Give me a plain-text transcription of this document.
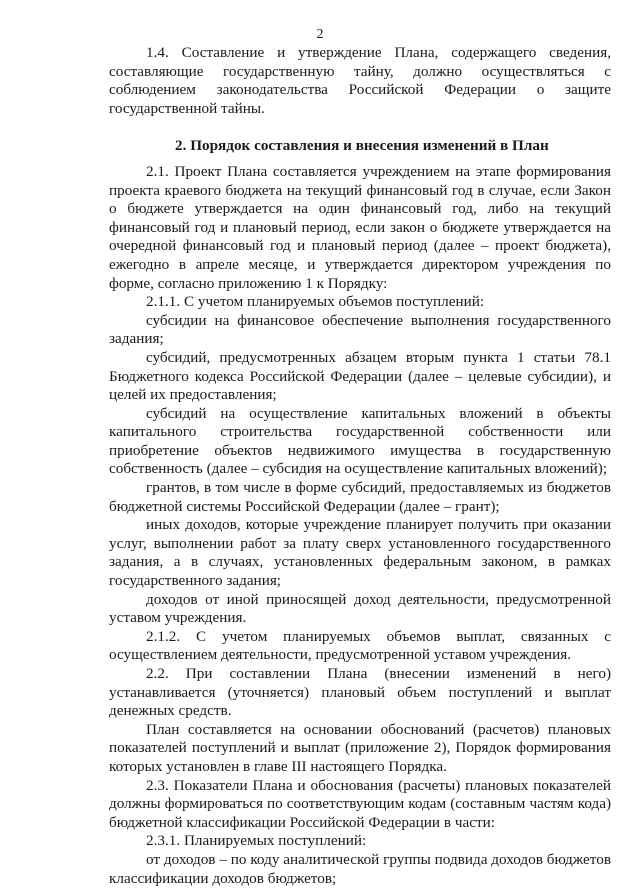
2

1.4. Составление и утверждение Плана, содержащего сведения, составляющие государственную тайну, должно осуществляться с соблюдением законодательства Российской Федерации о защите государственной тайны.

2. Порядок составления и внесения изменений в План

2.1. Проект Плана составляется учреждением на этапе формирования проекта краевого бюджета на текущий финансовый год в случае, если Закон о бюджете утверждается на один финансовый год, либо на текущий финансовый год и плановый период, если закон о бюджете утверждается на очередной финансовый год и плановый период (далее – проект бюджета), ежегодно в апреле месяце, и утверждается директором учреждения по форме, согласно приложению 1 к Порядку:

2.1.1. С учетом планируемых объемов поступлений:

субсидии на финансовое обеспечение выполнения государственного задания;

субсидий, предусмотренных абзацем вторым пункта 1 статьи 78.1 Бюджетного кодекса Российской Федерации (далее – целевые субсидии), и целей их предоставления;

субсидий на осуществление капитальных вложений в объекты капитального строительства государственной собственности или приобретение объектов недвижимого имущества в государственную собственность (далее – субсидия на осуществление капитальных вложений);

грантов, в том числе в форме субсидий, предоставляемых из бюджетов бюджетной системы Российской Федерации (далее – грант);

иных доходов, которые учреждение планирует получить при оказании услуг, выполнении работ за плату сверх установленного государственного задания, а в случаях, установленных федеральным законом, в рамках государственного задания;

доходов от иной приносящей доход деятельности, предусмотренной уставом учреждения.

2.1.2. С учетом планируемых объемов выплат, связанных с осуществлением деятельности, предусмотренной уставом учреждения.

2.2. При составлении Плана (внесении изменений в него) устанавливается (уточняется) плановый объем поступлений и выплат денежных средств.

План составляется на основании обоснований (расчетов) плановых показателей поступлений и выплат (приложение 2), Порядок формирования которых установлен в главе III настоящего Порядка.

2.3. Показатели Плана и обоснования (расчеты) плановых показателей должны формироваться по соответствующим кодам (составным частям кода) бюджетной классификации Российской Федерации в части:

2.3.1. Планируемых поступлений:

от доходов – по коду аналитической группы подвида доходов бюджетов классификации доходов бюджетов;
